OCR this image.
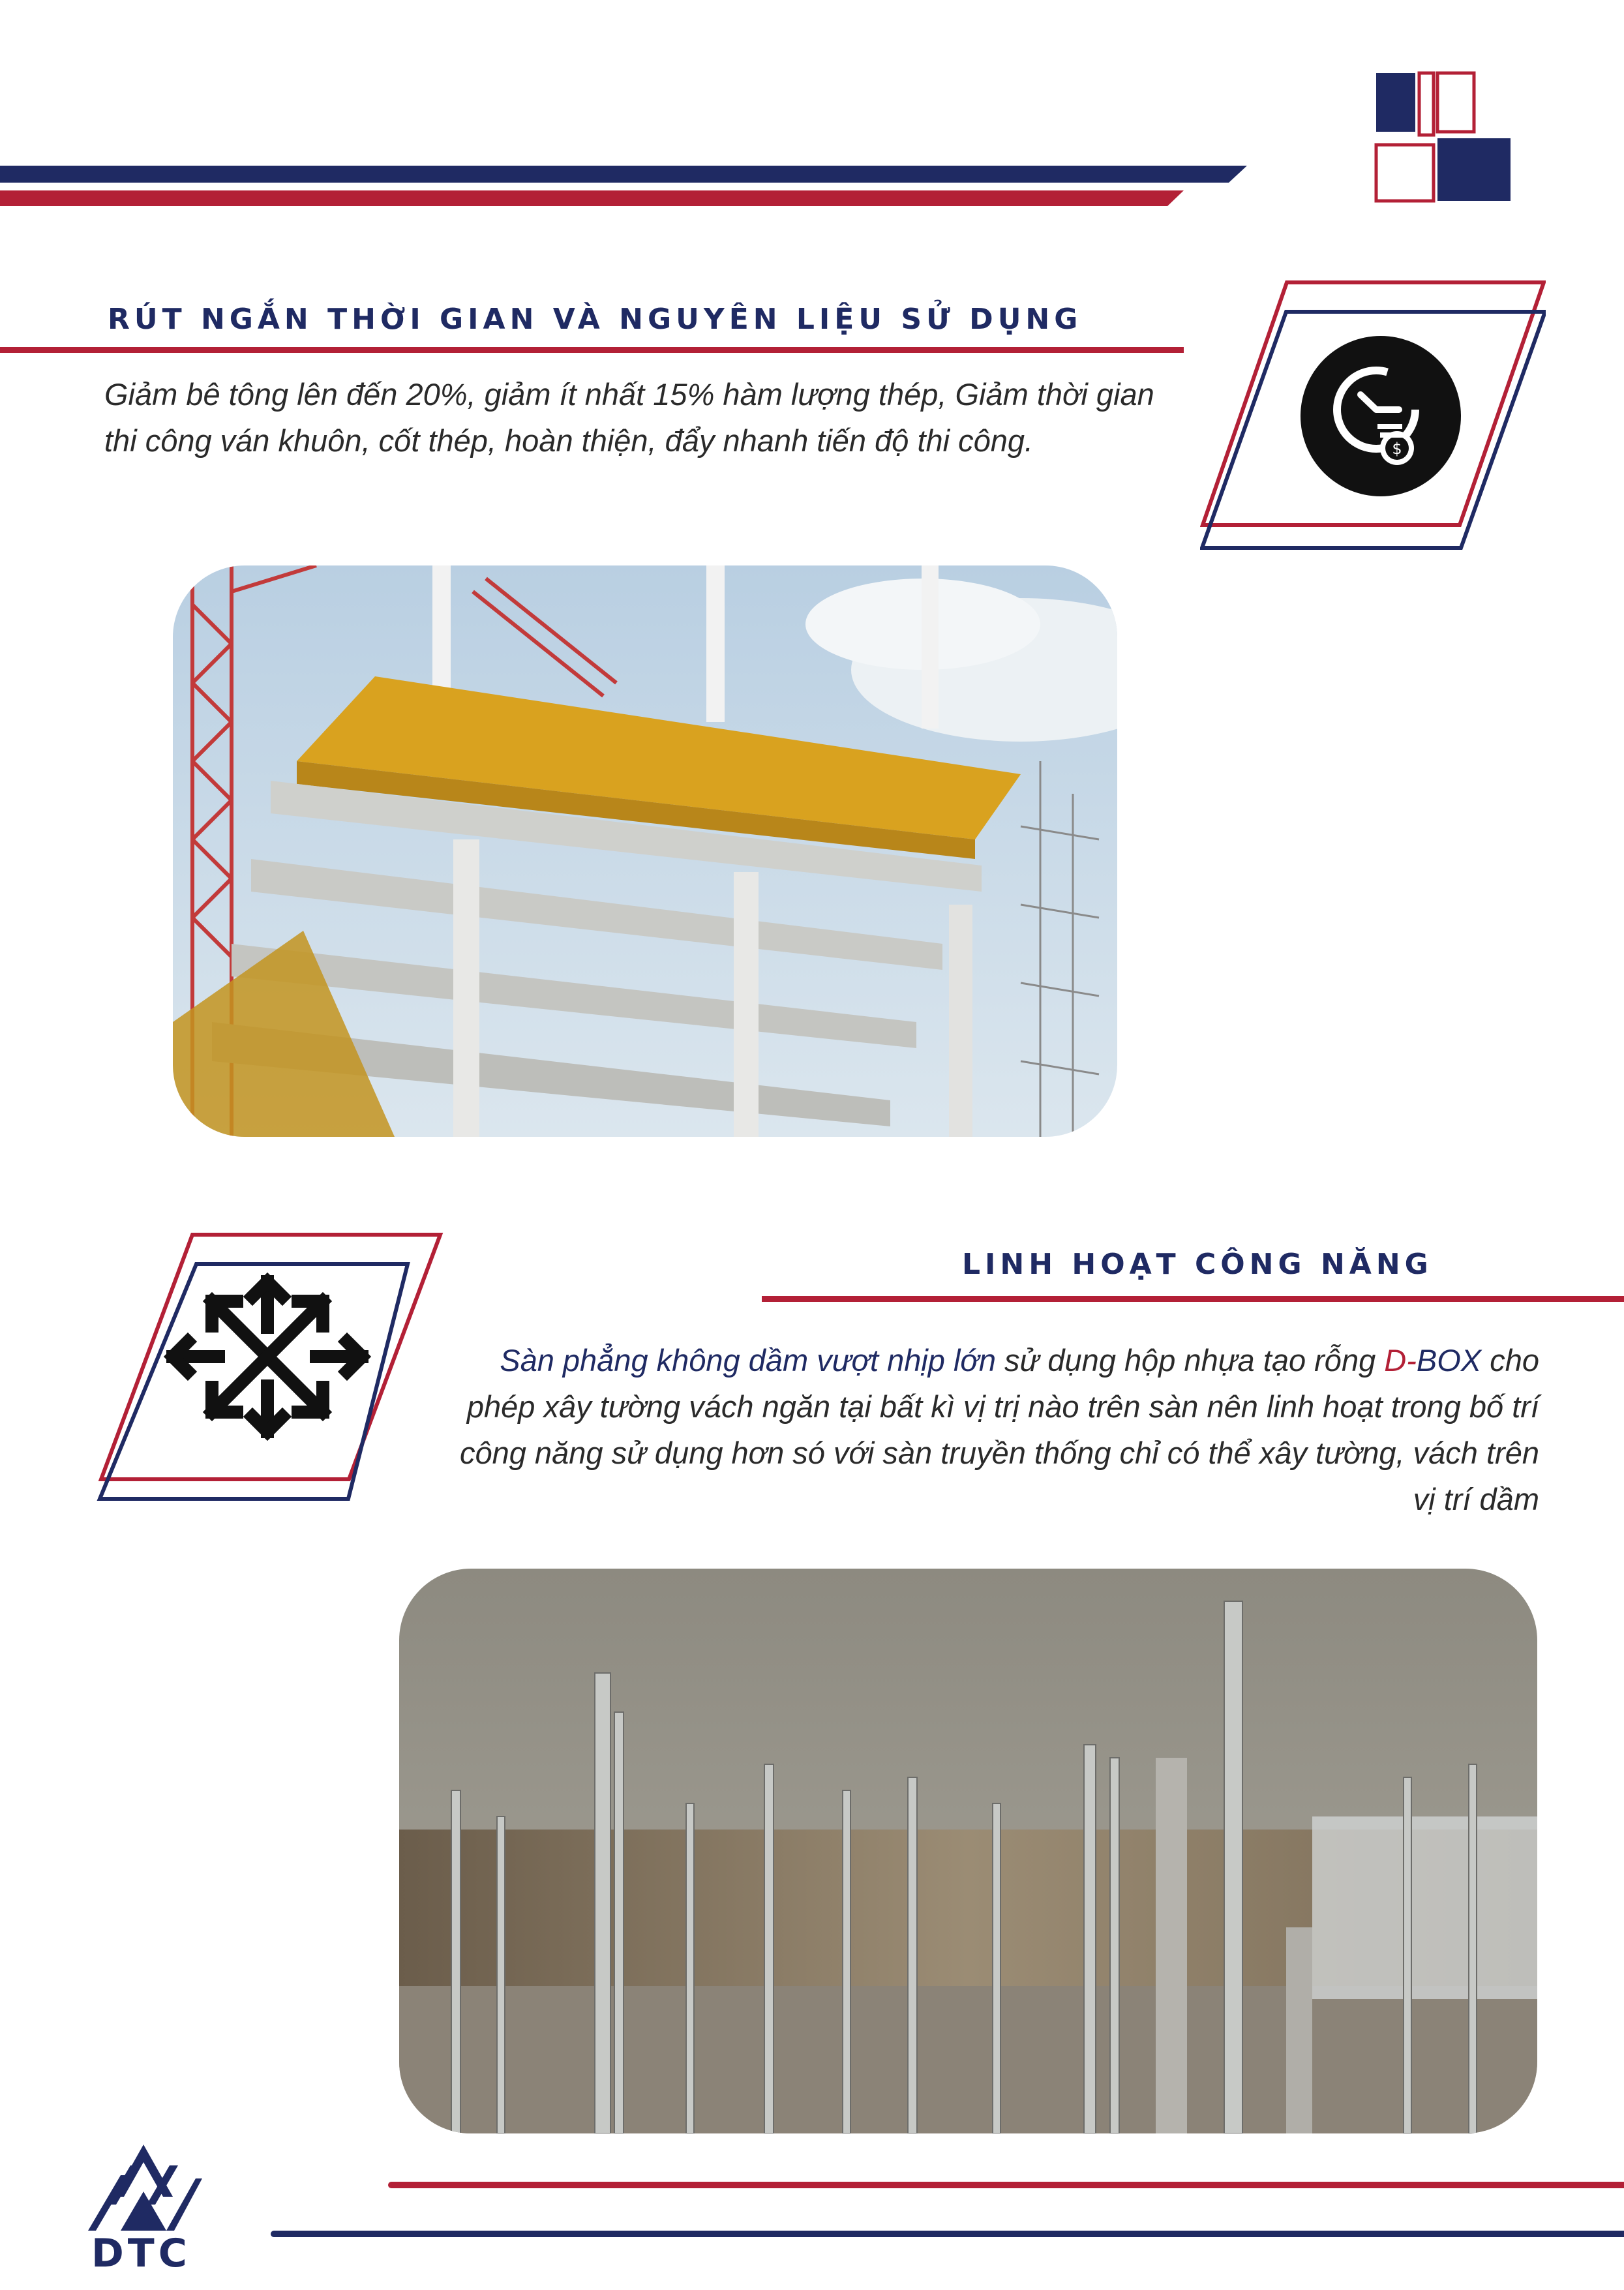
RÚT NGẮN THỜI GIAN VÀ NGUYÊN LIỆU SỬ DỤNG
Giảm bê tông lên đến 20%, giảm ít nhất 15% hàm lượng thép, Giảm thời gian thi công ván khuôn, cốt thép, hoàn thiện, đẩy nhanh tiến độ thi công.	$
LINH HOẠT CÔNG NĂNG
Sàn phẳng không dầm vượt nhịp lớn sử dụng hộp nhựa tạo rỗng D-BOX cho phép xây tường vách ngăn tại bất kì vị trị nào trên sàn nên linh hoạt trong bố trí công năng sử dụng hơn só với sàn truyền thống chỉ có thể xây tường, vách trên vị trí dầm
DTC
